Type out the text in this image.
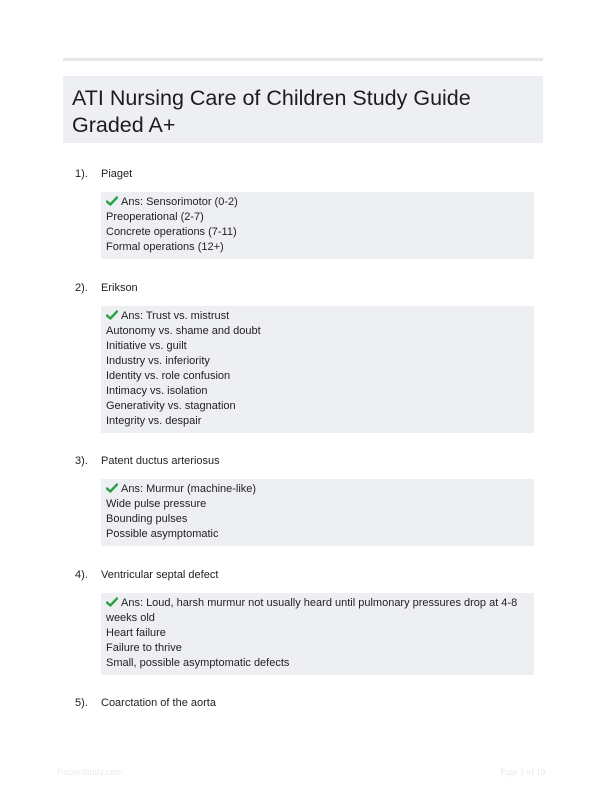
ATI Nursing Care of Children Study Guide Graded A+
1).	Piaget
Ans: Sensorimotor (0-2)
Preoperational (2-7)
Concrete operations (7-11)
Formal operations (12+)
2).	Erikson
Ans: Trust vs. mistrust
Autonomy vs. shame and doubt
Initiative vs. guilt
Industry vs. inferiority
Identity vs. role confusion
Intimacy vs. isolation
Generativity vs. stagnation
Integrity vs. despair
3).	Patent ductus arteriosus
Ans: Murmur (machine-like)
Wide pulse pressure
Bounding pulses
Possible asymptomatic
4).	Ventricular septal defect
Ans: Loud, harsh murmur not usually heard until pulmonary pressures drop at 4-8 weeks old
Heart failure
Failure to thrive
Small, possible asymptomatic defects
5).	Coarctation of the aorta
PaperStudy.com	Page 1 of 19
